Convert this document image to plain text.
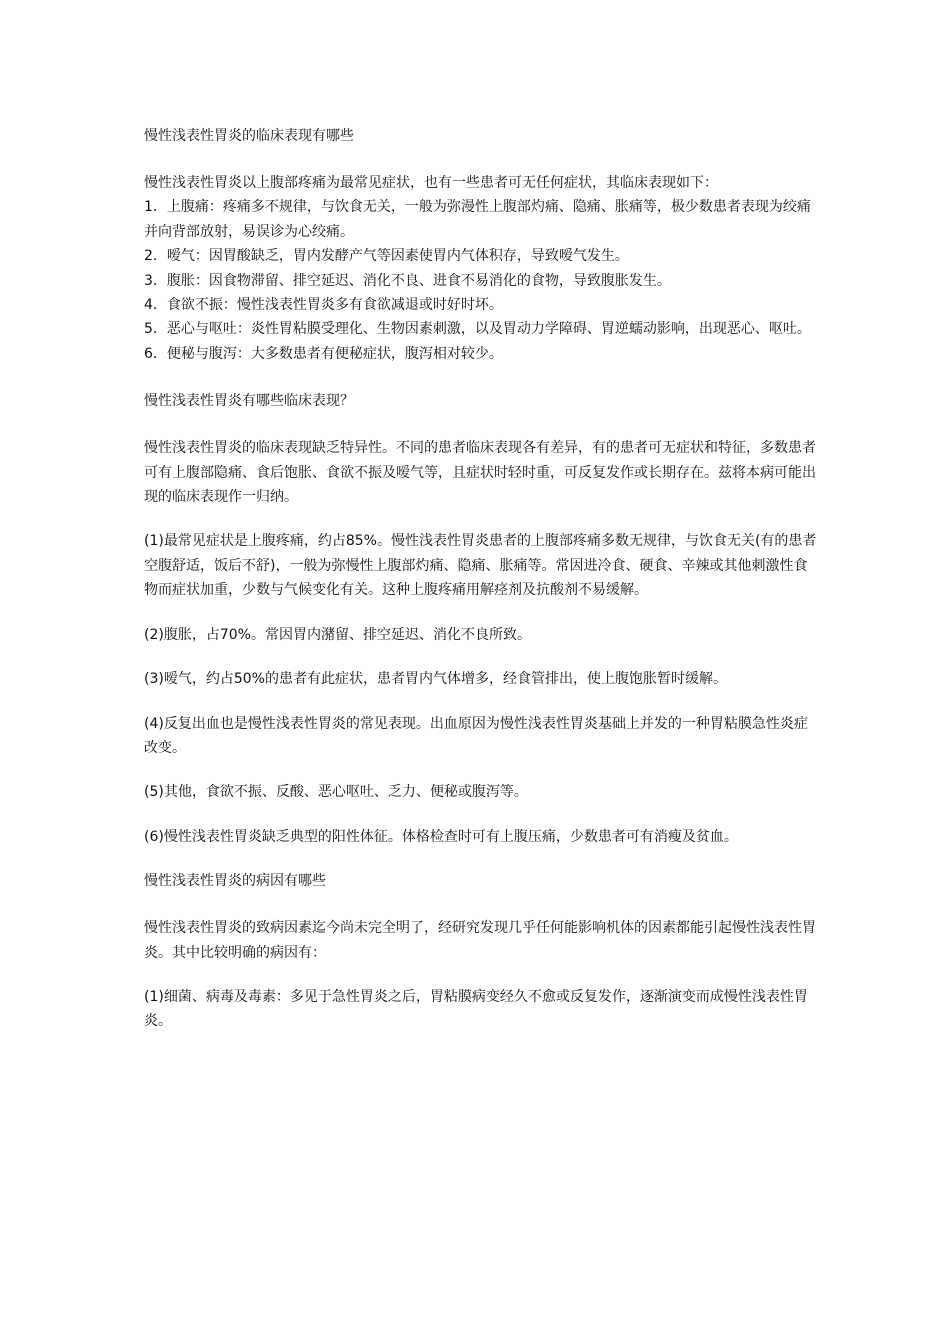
慢性浅表性胃炎的临床表现有哪些

慢性浅表性胃炎以上腹部疼痛为最常见症状，也有一些患者可无任何症状，其临床表现如下：

1．上腹痛：疼痛多不规律，与饮食无关，一般为弥漫性上腹部灼痛、隐痛、胀痛等，极少数患者表现为绞痛并向背部放射，易误诊为心绞痛。

2．嗳气：因胃酸缺乏，胃内发酵产气等因素使胃内气体积存，导致嗳气发生。

3．腹胀：因食物滞留、排空延迟、消化不良、进食不易消化的食物，导致腹胀发生。

4．食欲不振：慢性浅表性胃炎多有食欲减退或时好时坏。

5．恶心与呕吐：炎性胃粘膜受理化、生物因素刺激，以及胃动力学障碍、胃逆蠕动影响，出现恶心、呕吐。

6．便秘与腹泻：大多数患者有便秘症状，腹泻相对较少。

慢性浅表性胃炎有哪些临床表现？

慢性浅表性胃炎的临床表现缺乏特异性。不同的患者临床表现各有差异，有的患者可无症状和特征，多数患者可有上腹部隐痛、食后饱胀、食欲不振及嗳气等，且症状时轻时重，可反复发作或长期存在。兹将本病可能出现的临床表现作一归纳。

(1)最常见症状是上腹疼痛，约占85%。慢性浅表性胃炎患者的上腹部疼痛多数无规律，与饮食无关(有的患者空腹舒适，饭后不舒)，一般为弥慢性上腹部灼痛、隐痛、胀痛等。常因进冷食、硬食、辛辣或其他刺激性食物而症状加重，少数与气候变化有关。这种上腹疼痛用解痉剂及抗酸剂不易缓解。

(2)腹胀，占70%。常因胃内潴留、排空延迟、消化不良所致。

(3)嗳气，约占50%的患者有此症状，患者胃内气体增多，经食管排出，使上腹饱胀暂时缓解。

(4)反复出血也是慢性浅表性胃炎的常见表现。出血原因为慢性浅表性胃炎基础上并发的一种胃粘膜急性炎症改变。

(5)其他，食欲不振、反酸、恶心呕吐、乏力、便秘或腹泻等。

(6)慢性浅表性胃炎缺乏典型的阳性体征。体格检查时可有上腹压痛，少数患者可有消瘦及贫血。

慢性浅表性胃炎的病因有哪些

慢性浅表性胃炎的致病因素迄今尚未完全明了，经研究发现几乎任何能影响机体的因素都能引起慢性浅表性胃炎。其中比较明确的病因有：

(1)细菌、病毒及毒素：多见于急性胃炎之后，胃粘膜病变经久不愈或反复发作，逐渐演变而成慢性浅表性胃炎。
